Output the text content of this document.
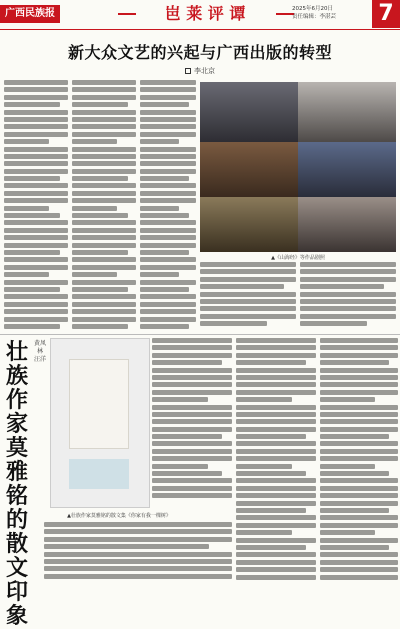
广西民族报	岜 莱 评 谭	2025年6月20日
责任编辑：李湛芸	7
新大众文艺的兴起与广西出版的转型
李北京
▲《山海经》等作品剧照
壮
族
作
家
莫
雅
铭
的
散
文
印
象
黄凤林 汪洋
▲壮族作家莫雅铭的散文集《你家有我一棵树》
